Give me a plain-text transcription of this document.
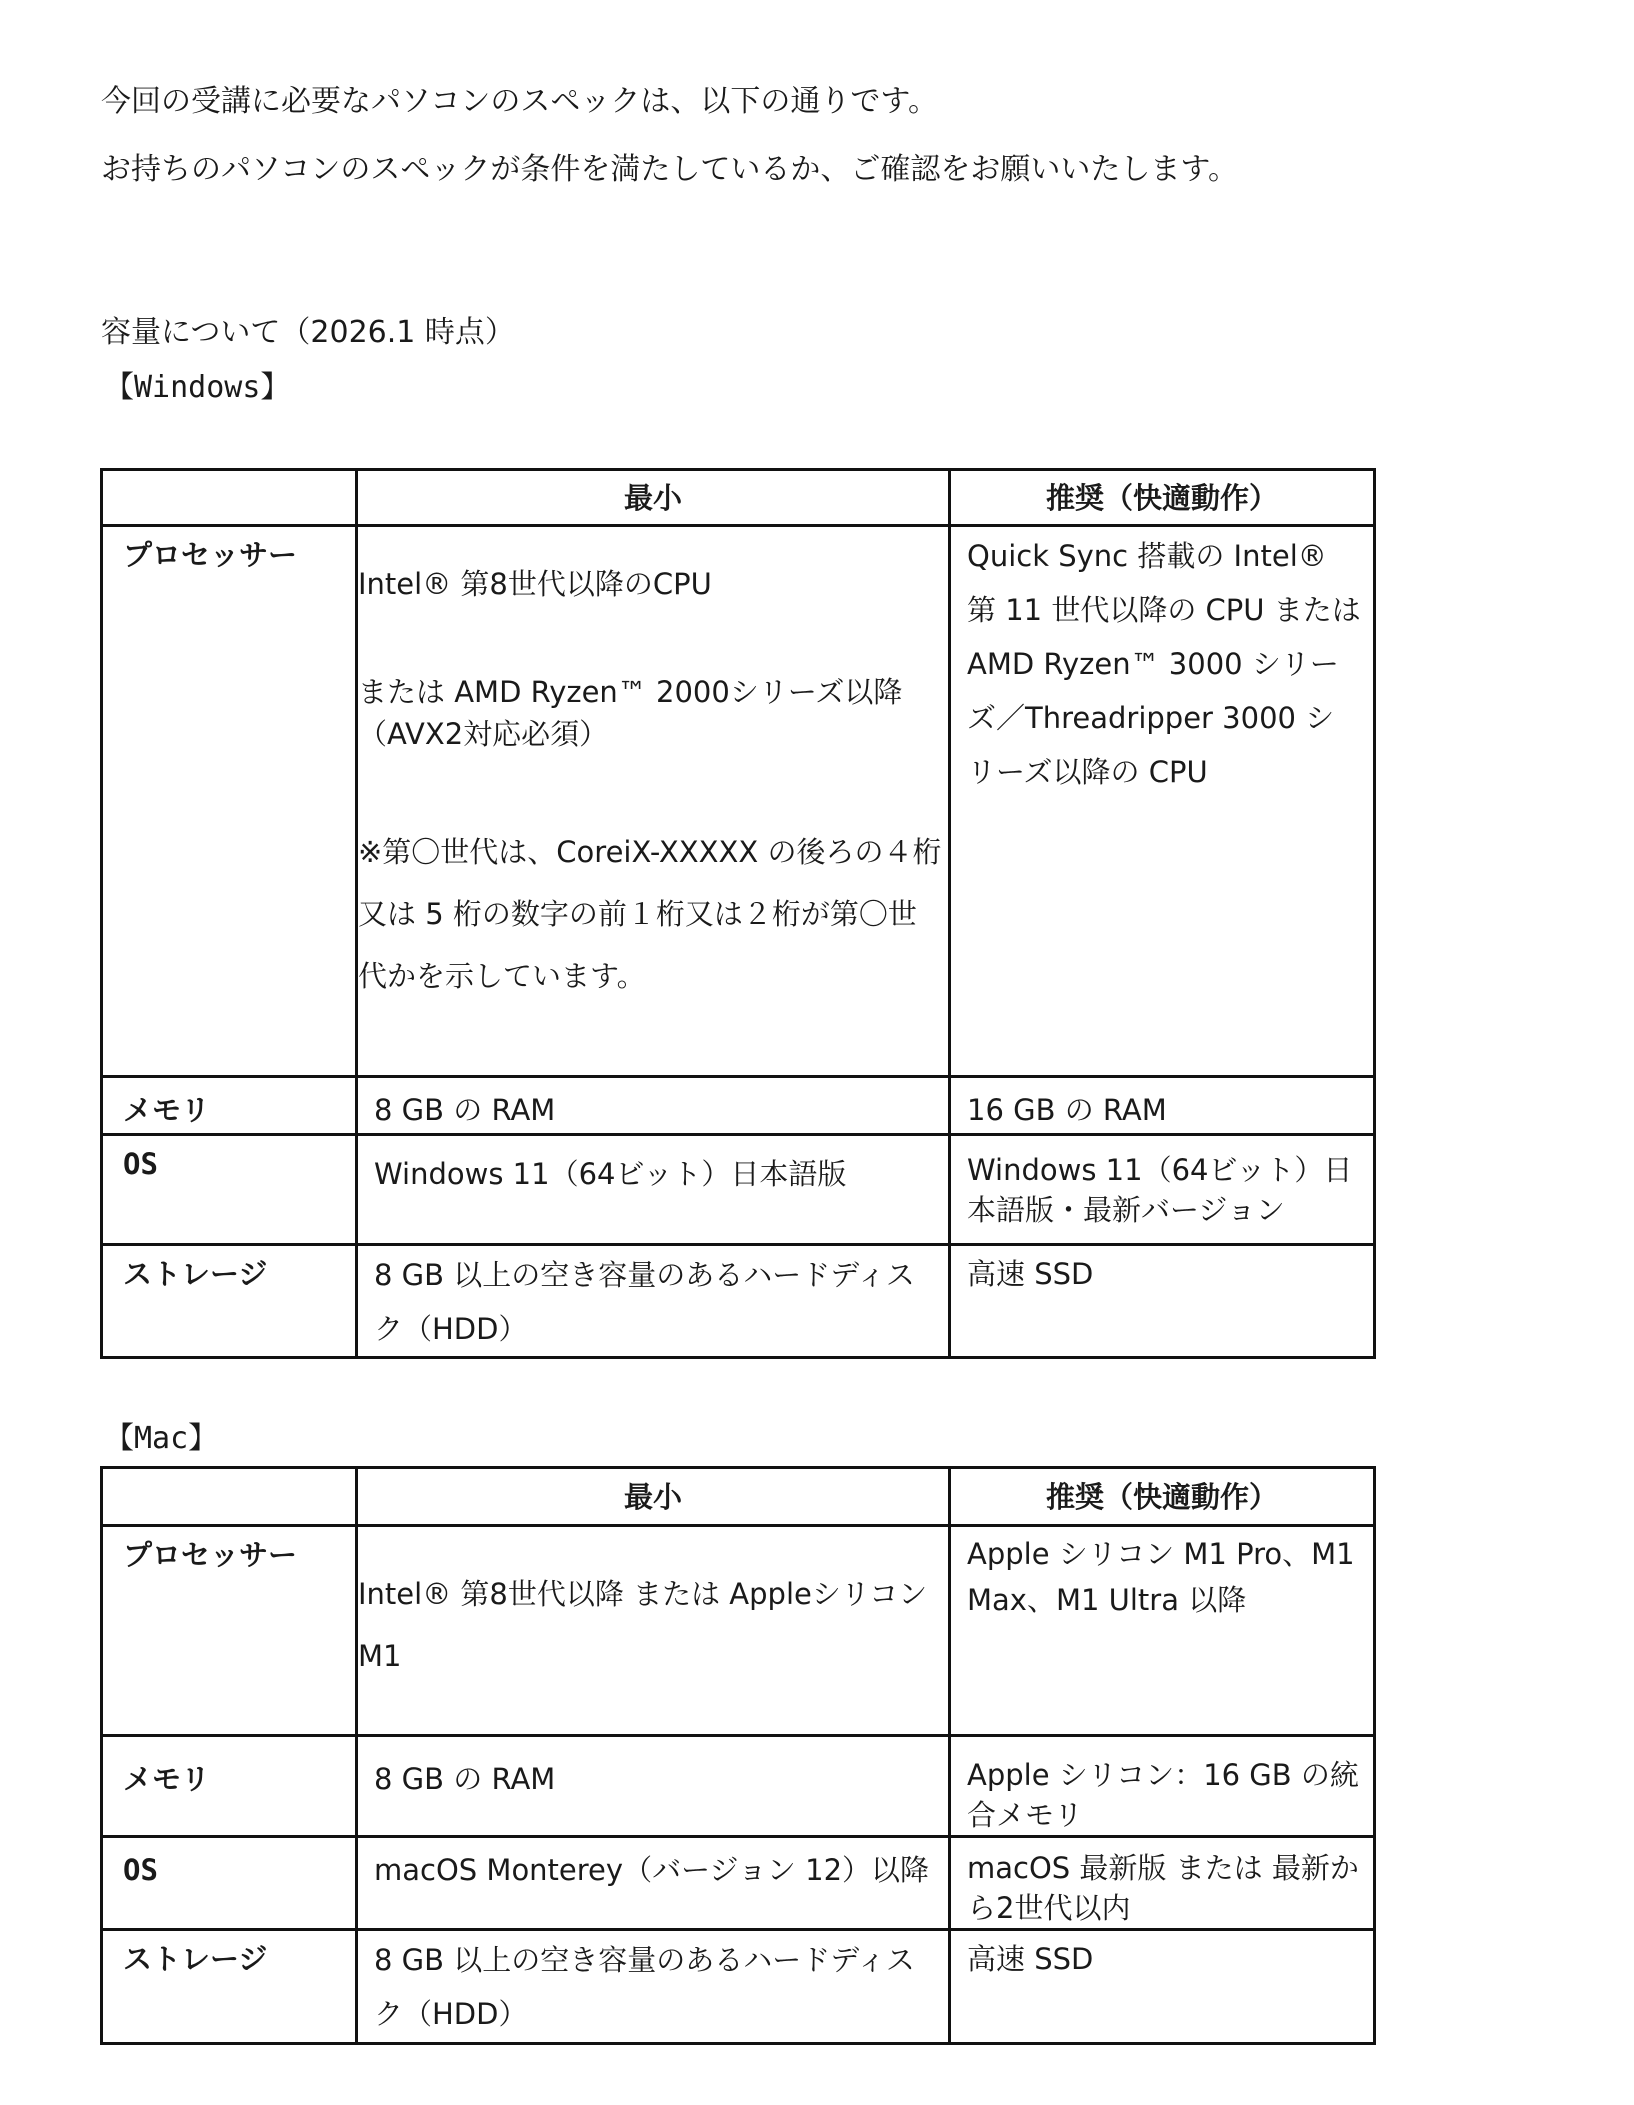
今回の受講に必要なパソコンのスペックは、以下の通りです。

お持ちのパソコンのスペックが条件を満たしているか、ご確認をお願いいたします。

容量について（2026.1 時点）

【Windows】

	最小	推奨（快適動作）

プロセッサー	Intel® 第8世代以降のCPU

または AMD Ryzen™ 2000シリーズ以降（AVX2対応必須）

※第〇世代は、CoreiX-XXXXX の後ろの４桁又は 5 桁の数字の前１桁又は２桁が第〇世代かを示しています。	Quick Sync 搭載の Intel® 第 11 世代以降の CPU または AMD Ryzen™ 3000 シリーズ／Threadripper 3000 シリーズ以降の CPU

メモリ	8 GB の RAM	16 GB の RAM

OS	Windows 11（64ビット）日本語版	Windows 11（64ビット）日本語版・最新バージョン

ストレージ	8 GB 以上の空き容量のあるハードディスク（HDD）	高速 SSD

【Mac】

	最小	推奨（快適動作）

プロセッサー	Intel® 第8世代以降 または Appleシリコン M1	Apple シリコン M1 Pro、M1 Max、M1 Ultra 以降

メモリ	8 GB の RAM	Apple シリコン：16 GB の統合メモリ

OS	macOS Monterey（バージョン 12）以降	macOS 最新版 または 最新から2世代以内

ストレージ	8 GB 以上の空き容量のあるハードディスク（HDD）	高速 SSD
